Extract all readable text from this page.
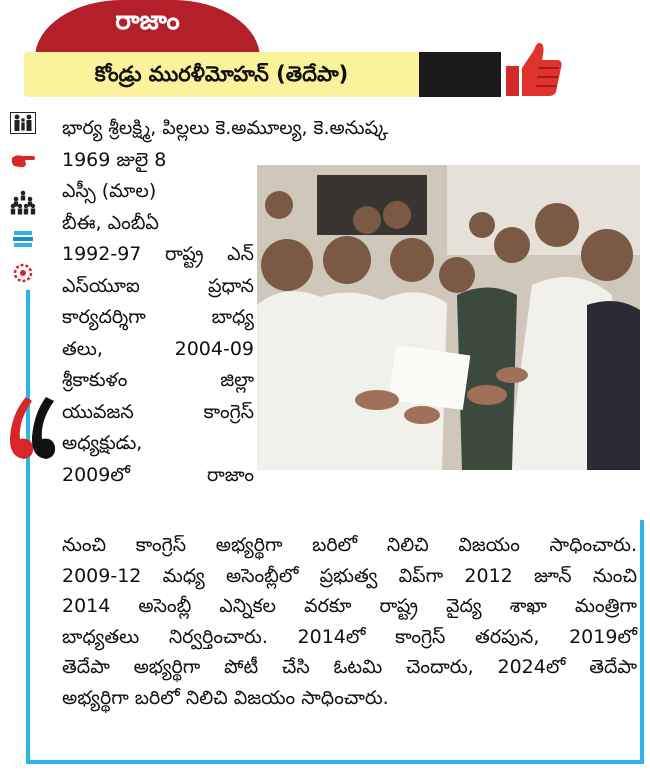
రాజాం
కోండ్రు మురళీమోహన్ (తెదేపా)
భార్య శ్రీలక్ష్మి, పిల్లలు కె.అమూల్య, కె.అనుష్క
1969 జులై 8
ఎస్సీ (మాల)
బీఈ, ఎంబీఏ
1992-97 రాష్ట్ర ఎన్
ఎస్‌యూఐ ప్రధాన
కార్యదర్శిగా బాధ్య
తలు, 2004-09
శ్రీకాకుళం జిల్లా
యువజన కాంగ్రెస్
అధ్యక్షుడు,
2009లో రాజాం
నుంచి కాంగ్రెస్ అభ్యర్థిగా బరిలో నిలిచి విజయం సాధించారు.
2009-12 మధ్య అసెంబ్లీలో ప్రభుత్వ విప్‌గా 2012 జూన్ నుంచి
2014 అసెంబ్లీ ఎన్నికల వరకూ రాష్ట్ర వైద్య శాఖా మంత్రిగా
బాధ్యతలు నిర్వర్తించారు. 2014లో కాంగ్రెస్ తరపున, 2019లో
తెదేపా అభ్యర్థిగా పోటీ చేసి ఓటమి చెందారు, 2024లో తెదేపా
అభ్యర్థిగా బరిలో నిలిచి విజయం సాధించారు.
